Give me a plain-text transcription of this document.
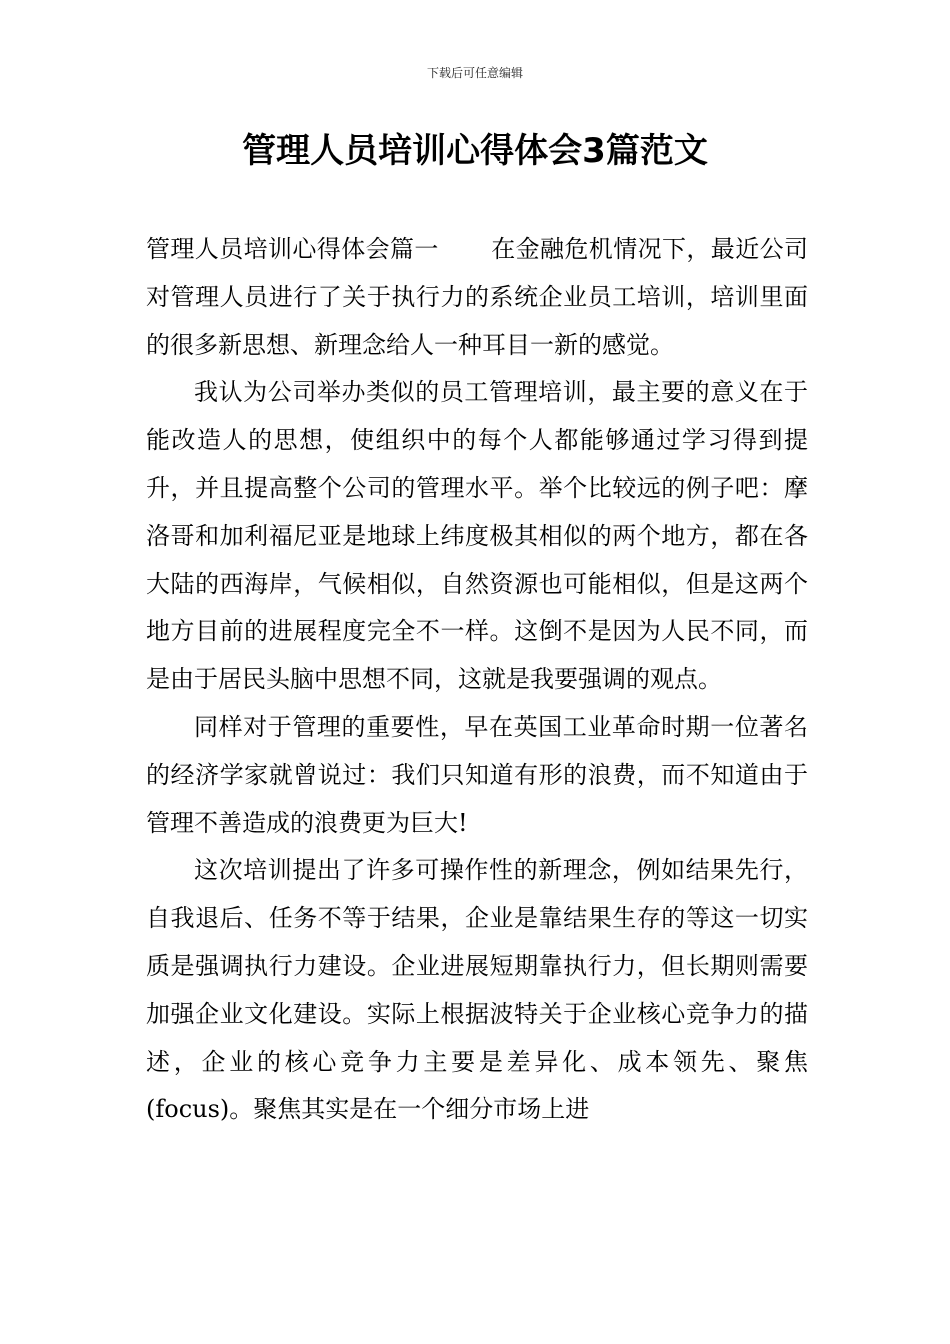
下载后可任意编辑
管理人员培训心得体会3篇范文

管理人员培训心得体会篇一 在金融危机情况下，最近公司对管理人员进行了关于执行力的系统企业员工培训，培训里面的很多新思想、新理念给人一种耳目一新的感觉。

我认为公司举办类似的员工管理培训，最主要的意义在于能改造人的思想，使组织中的每个人都能够通过学习得到提升，并且提高整个公司的管理水平。举个比较远的例子吧：摩洛哥和加利福尼亚是地球上纬度极其相似的两个地方，都在各大陆的西海岸，气候相似，自然资源也可能相似，但是这两个地方目前的进展程度完全不一样。这倒不是因为人民不同，而是由于居民头脑中思想不同，这就是我要强调的观点。

同样对于管理的重要性，早在英国工业革命时期一位著名的经济学家就曾说过：我们只知道有形的浪费，而不知道由于管理不善造成的浪费更为巨大!

这次培训提出了许多可操作性的新理念，例如结果先行，自我退后、任务不等于结果，企业是靠结果生存的等这一切实质是强调执行力建设。企业进展短期靠执行力，但长期则需要加强企业文化建设。实际上根据波特关于企业核心竞争力的描述，企业的核心竞争力主要是差异化、成本领先、聚焦(focus)。聚焦其实是在一个细分市场上进
